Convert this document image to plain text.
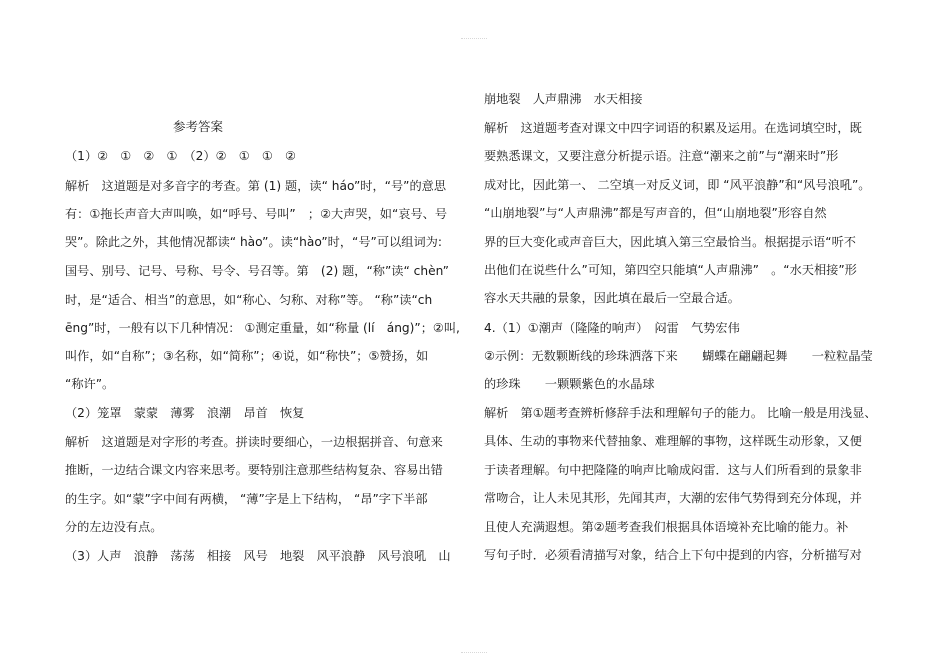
参考答案
（1）②　①　②　①　（2）②　①　①　②
解析　这道题是对多音字的考查。第 (1) 题，读“ háo”时，“号”的意思
有：①拖长声音大声叫唤，如“呼号、号叫”　；②大声哭，如“哀号、号
哭”。除此之外，其他情况都读“ hào”。读“hào”时，“号”可以组词为:
国号、别号、记号、号称、号令、号召等。第　(2) 题，“称”读“ chèn”
时，是“适合、相当”的意思，如“称心、匀称、对称”等。 “称”读“ch
ēng”时，一般有以下几种情况： ①测定重量，如“称量 (lí　áng)”；②叫,
叫作，如“自称”；③名称，如“简称”；④说，如“称快”；⑤赞扬，如
“称许”。
（2）笼罩　蒙蒙　薄雾　浪潮　昂首　恢复
解析　这道题是对字形的考查。拼读时要细心，一边根据拼音、句意来
推断，一边结合课文内容来思考。要特别注意那些结构复杂、容易出错
的生字。如“蒙”字中间有两横， “薄”字是上下结构， “昂”字下半部
分的左边没有点。
（3）人声　浪静　荡荡　相接　风号　地裂　风平浪静　风号浪吼　山
崩地裂　人声鼎沸　水天相接
解析　这道题考查对课文中四字词语的积累及运用。在选词填空时，既
要熟悉课文，又要注意分析提示语。注意“潮来之前”与“潮来时”形
成对比，因此第一、 二空填一对反义词，即 “风平浪静”和“风号浪吼”。
“山崩地裂”与“人声鼎沸”都是写声音的，但“山崩地裂”形容自然
界的巨大变化或声音巨大，因此填入第三空最恰当。根据提示语“听不
出他们在说些什么”可知，第四空只能填“人声鼎沸”　。“水天相接”形
容水天共融的景象，因此填在最后一空最合适。
4.（1）①潮声（隆隆的响声）　闷雷　气势宏伟
②示例：无数颗断线的珍珠洒落下来　　蝴蝶在翩翩起舞　　一粒粒晶莹
的珍珠　　一颗颗紫色的水晶球
解析　第①题考查辨析修辞手法和理解句子的能力。 比喻一般是用浅显、
具体、生动的事物来代替抽象、难理解的事物，这样既生动形象，又便
于读者理解。句中把隆隆的响声比喻成闷雷．这与人们所看到的景象非
常吻合，让人未见其形，先闻其声，大潮的宏伟气势得到充分体现，并
且使人充满遐想。第②题考查我们根据具体语境补充比喻的能力。补
写句子时．必须看清描写对象，结合上下句中提到的内容，分析描写对
